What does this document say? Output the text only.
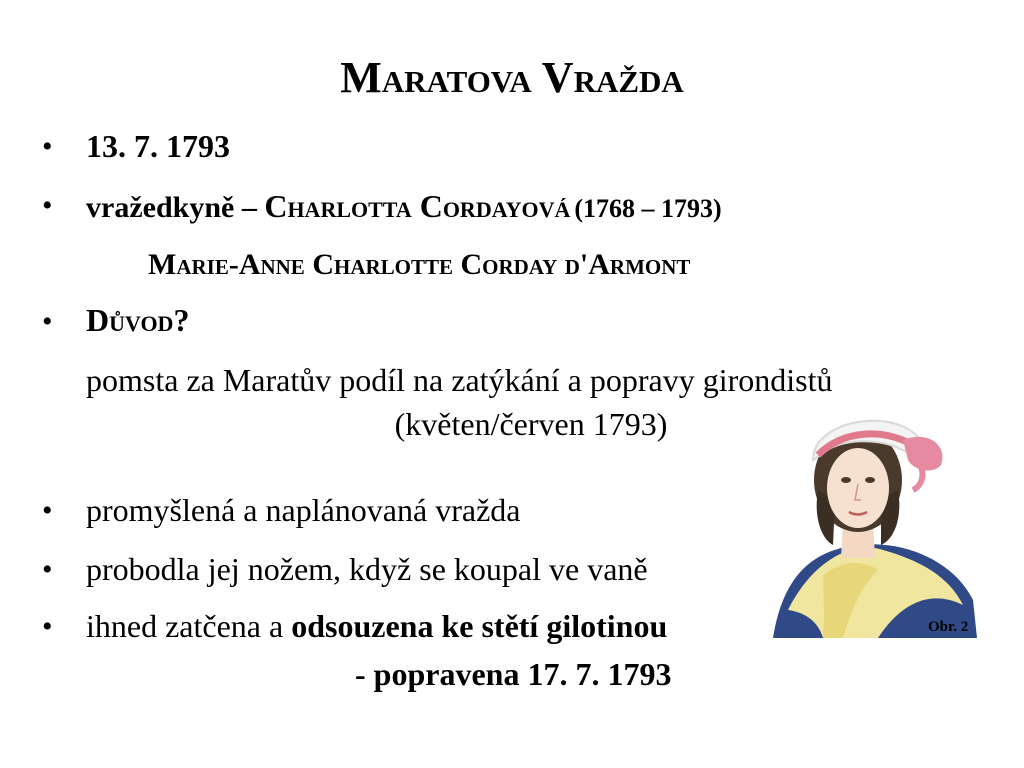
Maratova Vražda
• 13. 7. 1793
• vražedkyně – Charlotta Cordayová (1768 – 1793)
Marie-Anne Charlotte Corday d'Armont
• Důvod?
pomsta za Maratův podíl na zatýkání a popravy girondistů
(květen/červen 1793)
• promyšlená a naplánovaná vražda
• probodla jej nožem, když se koupal ve vaně
• ihned zatčena a odsouzena ke stětí gilotinou
- popravena 17. 7. 1793
Obr. 2
